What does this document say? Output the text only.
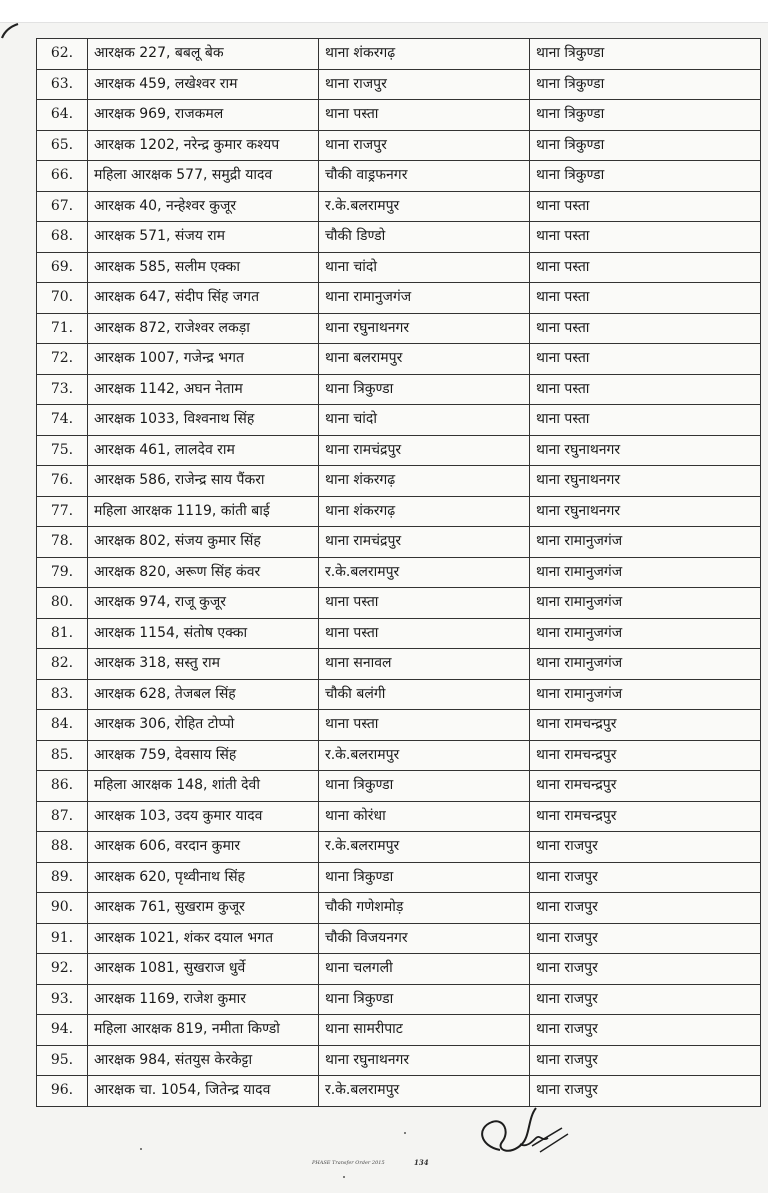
62.	आरक्षक 227, बबलू बेक	थाना शंकरगढ़	थाना त्रिकुण्डा
63.	आरक्षक 459, लखेश्वर राम	थाना राजपुर	थाना त्रिकुण्डा
64.	आरक्षक 969, राजकमल	थाना पस्ता	थाना त्रिकुण्डा
65.	आरक्षक 1202, नरेन्द्र कुमार कश्यप	थाना राजपुर	थाना त्रिकुण्डा
66.	महिला आरक्षक 577, समुद्री यादव	चौकी वाड्रफनगर	थाना त्रिकुण्डा
67.	आरक्षक 40, नन्हेश्वर कुजूर	र.के.बलरामपुर	थाना पस्ता
68.	आरक्षक 571, संजय राम	चौकी डिण्डो	थाना पस्ता
69.	आरक्षक 585, सलीम एक्का	थाना चांदो	थाना पस्ता
70.	आरक्षक 647, संदीप सिंह जगत	थाना रामानुजगंज	थाना पस्ता
71.	आरक्षक 872, राजेश्वर लकड़ा	थाना रघुनाथनगर	थाना पस्ता
72.	आरक्षक 1007, गजेन्द्र भगत	थाना बलरामपुर	थाना पस्ता
73.	आरक्षक 1142, अघन नेताम	थाना त्रिकुण्डा	थाना पस्ता
74.	आरक्षक 1033, विश्वनाथ सिंह	थाना चांदो	थाना पस्ता
75.	आरक्षक 461, लालदेव राम	थाना रामचंद्रपुर	थाना रघुनाथनगर
76.	आरक्षक 586, राजेन्द्र साय पैंकरा	थाना शंकरगढ़	थाना रघुनाथनगर
77.	महिला आरक्षक 1119, कांती बाई	थाना शंकरगढ़	थाना रघुनाथनगर
78.	आरक्षक 802, संजय कुमार सिंह	थाना रामचंद्रपुर	थाना रामानुजगंज
79.	आरक्षक 820, अरूण सिंह कंवर	र.के.बलरामपुर	थाना रामानुजगंज
80.	आरक्षक 974, राजू कुजूर	थाना पस्ता	थाना रामानुजगंज
81.	आरक्षक 1154, संतोष एक्का	थाना पस्ता	थाना रामानुजगंज
82.	आरक्षक 318, सस्तु राम	थाना सनावल	थाना रामानुजगंज
83.	आरक्षक 628, तेजबल सिंह	चौकी बलंगी	थाना रामानुजगंज
84.	आरक्षक 306, रोहित टोप्पो	थाना पस्ता	थाना रामचन्द्रपुर
85.	आरक्षक 759, देवसाय सिंह	र.के.बलरामपुर	थाना रामचन्द्रपुर
86.	महिला आरक्षक 148, शांती देवी	थाना त्रिकुण्डा	थाना रामचन्द्रपुर
87.	आरक्षक 103, उदय कुमार यादव	थाना कोरंधा	थाना रामचन्द्रपुर
88.	आरक्षक 606, वरदान कुमार	र.के.बलरामपुर	थाना राजपुर
89.	आरक्षक 620, पृथ्वीनाथ सिंह	थाना त्रिकुण्डा	थाना राजपुर
90.	आरक्षक 761, सुखराम कुजूर	चौकी गणेशमोड़	थाना राजपुर
91.	आरक्षक 1021, शंकर दयाल भगत	चौकी विजयनगर	थाना राजपुर
92.	आरक्षक 1081, सुखराज धुर्वे	थाना चलगली	थाना राजपुर
93.	आरक्षक 1169, राजेश कुमार	थाना त्रिकुण्डा	थाना राजपुर
94.	महिला आरक्षक 819, नमीता किण्डो	थाना सामरीपाट	थाना राजपुर
95.	आरक्षक 984, संतयुस केरकेट्टा	थाना रघुनाथनगर	थाना राजपुर
96.	आरक्षक चा. 1054, जितेन्द्र यादव	र.के.बलरामपुर	थाना राजपुर
PHASE Transfer Order 2015	134
